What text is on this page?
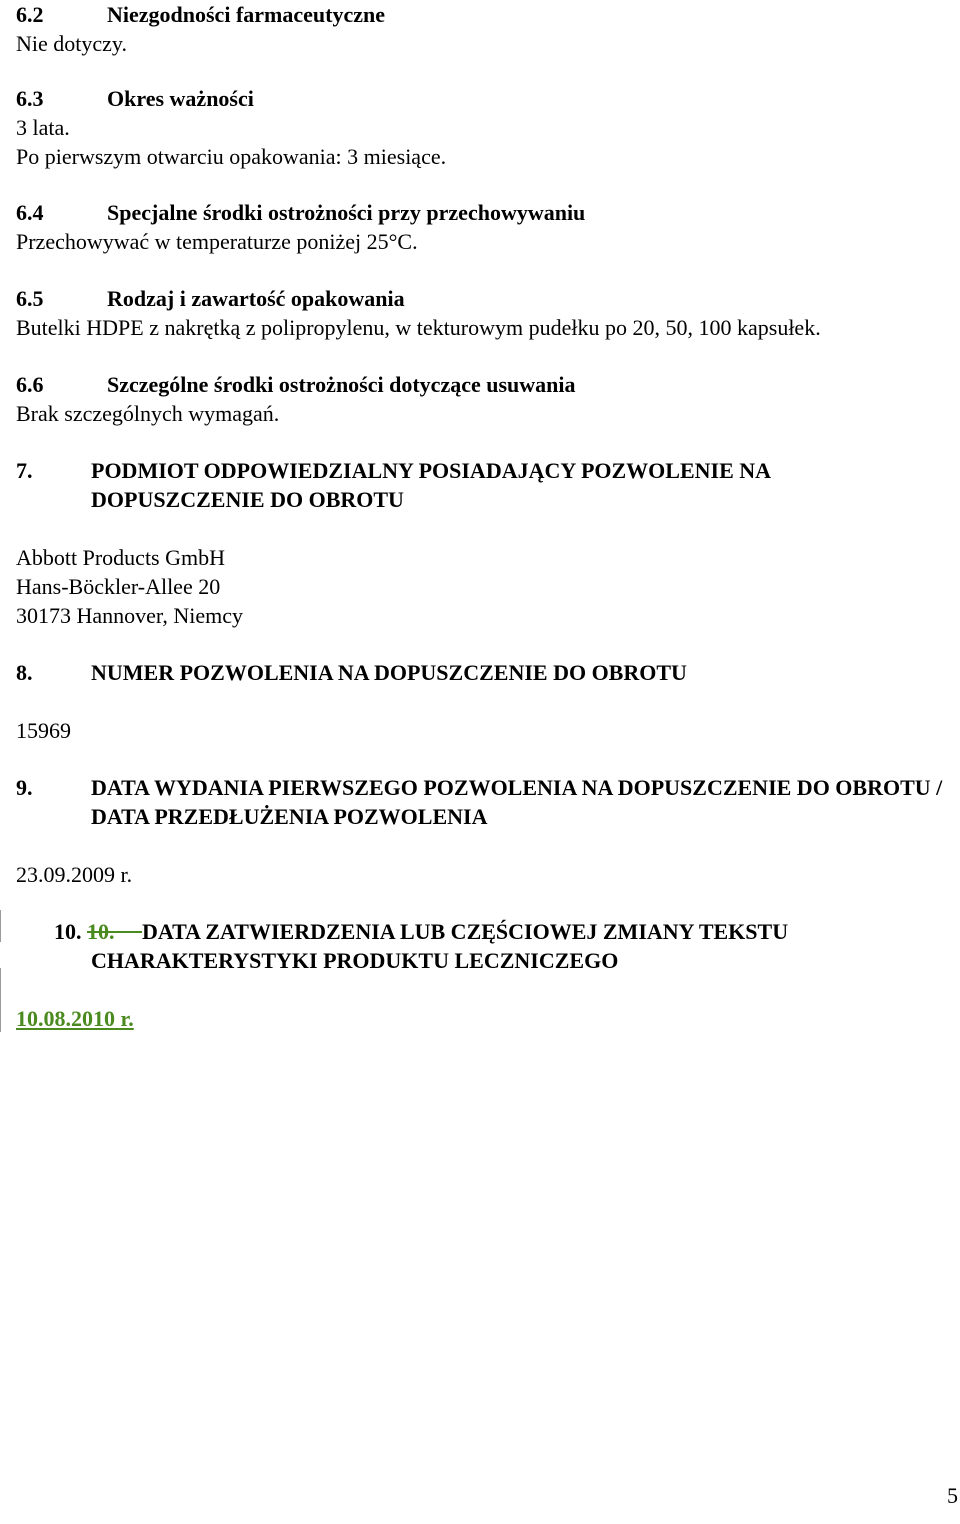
6.2	Niezgodności farmaceutyczne
Nie dotyczy.
6.3	Okres ważności
3 lata.
Po pierwszym otwarciu opakowania: 3 miesiące.
6.4	Specjalne środki ostrożności przy przechowywaniu
Przechowywać w temperaturze poniżej 25°C.
6.5	Rodzaj i zawartość opakowania
Butelki HDPE z nakrętką z polipropylenu, w tekturowym pudełku po 20, 50, 100 kapsułek.
6.6	Szczególne środki ostrożności dotyczące usuwania
Brak szczególnych wymagań.
7.	PODMIOT ODPOWIEDZIALNY POSIADAJĄCY POZWOLENIE NA DOPUSZCZENIE DO OBROTU
Abbott Products GmbH
Hans-Böckler-Allee 20
30173 Hannover, Niemcy
8.	NUMER POZWOLENIA NA DOPUSZCZENIE DO OBROTU
15969
9.	DATA WYDANIA PIERWSZEGO POZWOLENIA NA DOPUSZCZENIE DO OBROTU / DATA PRZEDŁUŻENIA POZWOLENIA
23.09.2009 r.
10. 10. DATA ZATWIERDZENIA LUB CZĘŚCIOWEJ ZMIANY TEKSTU
CHARAKTERYSTYKI PRODUKTU LECZNICZEGO
10.08.2010 r.
5
